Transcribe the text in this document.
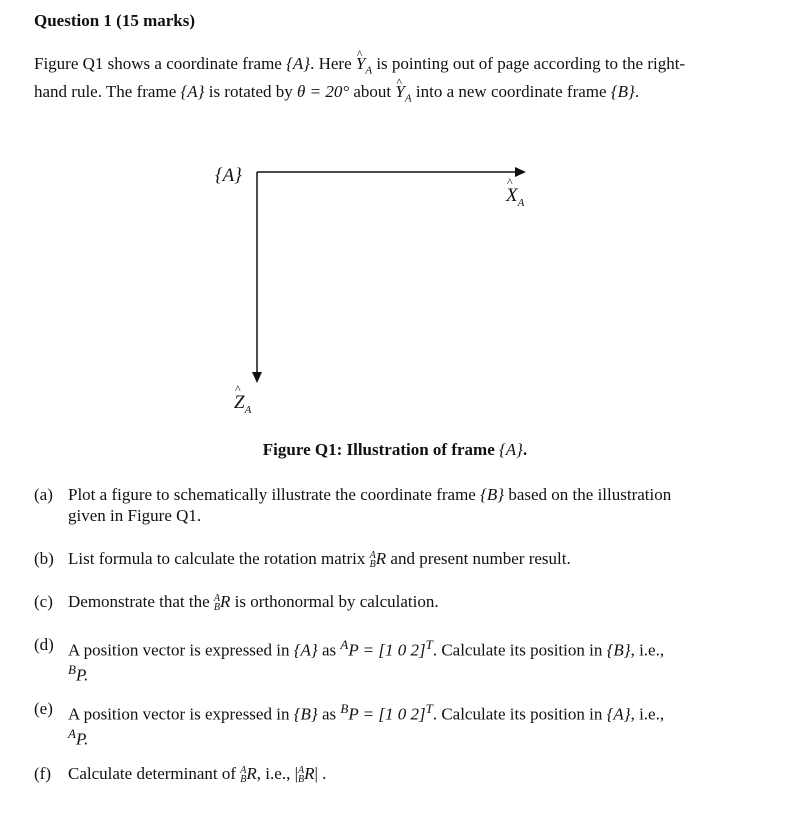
Question 1 (15 marks)
Figure Q1 shows a coordinate frame {A}. Here ^ $Y_A$ is pointing out of page according to the right-
hand rule. The frame {A} is rotated by θ = 20° about ^ $Y_A$ into a new coordinate frame {B}.
{A}
^ $X_A$
^ $Z_A$
Figure Q1: Illustration of frame {A}.
(a) Plot a figure to schematically illustrate the coordinate frame {B} based on the illustration
given in Figure Q1.
(b) List formula to calculate the rotation matrix A
BR and present number result.
(c) Demonstrate that the A
BR is orthonormal by calculation.
(d) A position vector is expressed in {A} as $^A$P = [1 0 2]$^T$. Calculate its position in {B}, i.e.,
$^B$P.
(e) A position vector is expressed in {B} as $^B$P = [1 0 2]$^T$. Calculate its position in {A}, i.e.,
$^A$P.
(f) Calculate determinant of A
BR, i.e., |A
BR| .
